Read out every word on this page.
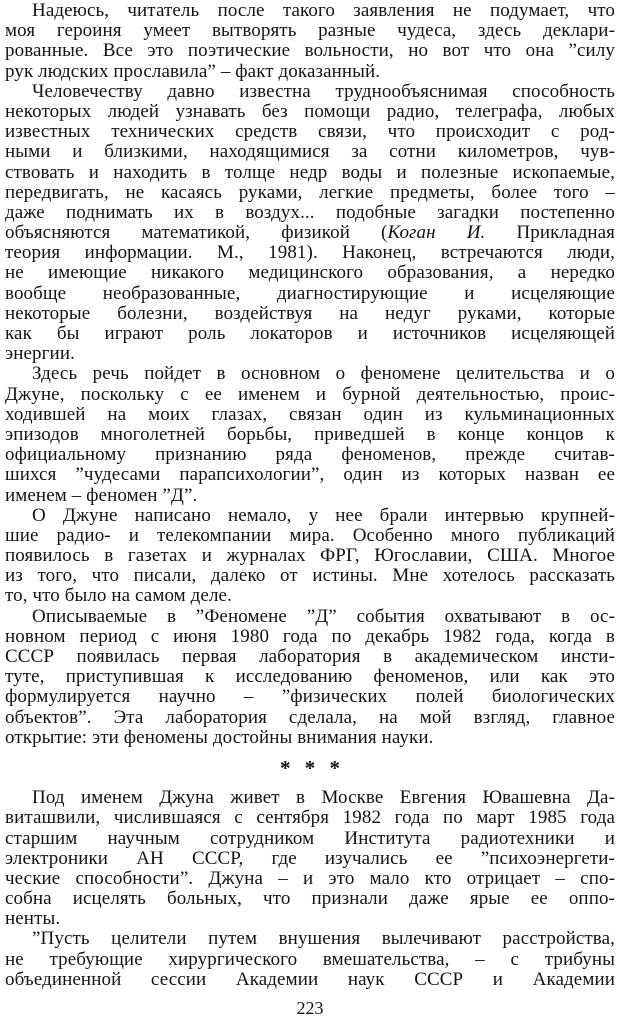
Надеюсь, читатель после такого заявления не подумает, что
моя героиня умеет вытворять разные чудеса, здесь деклари-
рованные. Все это поэтические вольности, но вот что она ”силу
рук людских прославила” – факт доказанный.
Человечеству давно известна труднообъяснимая способность
некоторых людей узнавать без помощи радио, телеграфа, любых
известных технических средств связи, что происходит с род-
ными и близкими, находящимися за сотни километров, чув-
ствовать и находить в толще недр воды и полезные ископаемые,
передвигать, не касаясь руками, легкие предметы, более того –
даже поднимать их в воздух... подобные загадки постепенно
объясняются математикой, физикой (Коган И. Прикладная
теория информации. М., 1981). Наконец, встречаются люди,
не имеющие никакого медицинского образования, а нередко
вообще необразованные, диагностирующие и исцеляющие
некоторые болезни, воздействуя на недуг руками, которые
как бы играют роль локаторов и источников исцеляющей
энергии.
Здесь речь пойдет в основном о феномене целительства и о
Джуне, поскольку с ее именем и бурной деятельностью, проис-
ходившей на моих глазах, связан один из кульминационных
эпизодов многолетней борьбы, приведшей в конце концов к
официальному признанию ряда феноменов, прежде считав-
шихся ”чудесами парапсихологии”, один из которых назван ее
именем – феномен ”Д”.
О Джуне написано немало, у нее брали интервью крупней-
шие радио- и телекомпании мира. Особенно много публикаций
появилось в газетах и журналах ФРГ, Югославии, США. Многое
из того, что писали, далеко от истины. Мне хотелось рассказать
то, что было на самом деле.
Описываемые в ”Феномене ”Д” события охватывают в ос-
новном период с июня 1980 года по декабрь 1982 года, когда в
СССР появилась первая лаборатория в академическом инсти-
туте, приступившая к исследованию феноменов, или как это
формулируется научно – ”физических полей биологических
объектов”. Эта лаборатория сделала, на мой взгляд, главное
открытие: эти феномены достойны внимания науки.
* * *
Под именем Джуна живет в Москве Евгения Ювашевна Да-
виташвили, числившаяся с сентября 1982 года по март 1985 года
старшим научным сотрудником Института радиотехники и
электроники АН СССР, где изучались ее ”психоэнергети-
ческие способности”. Джуна – и это мало кто отрицает – спо-
собна исцелять больных, что признали даже ярые ее оппо-
ненты.
”Пусть целители путем внушения вылечивают расстройства,
не требующие хирургического вмешательства, – с трибуны
объединенной сессии Академии наук СССР и Академии
223
